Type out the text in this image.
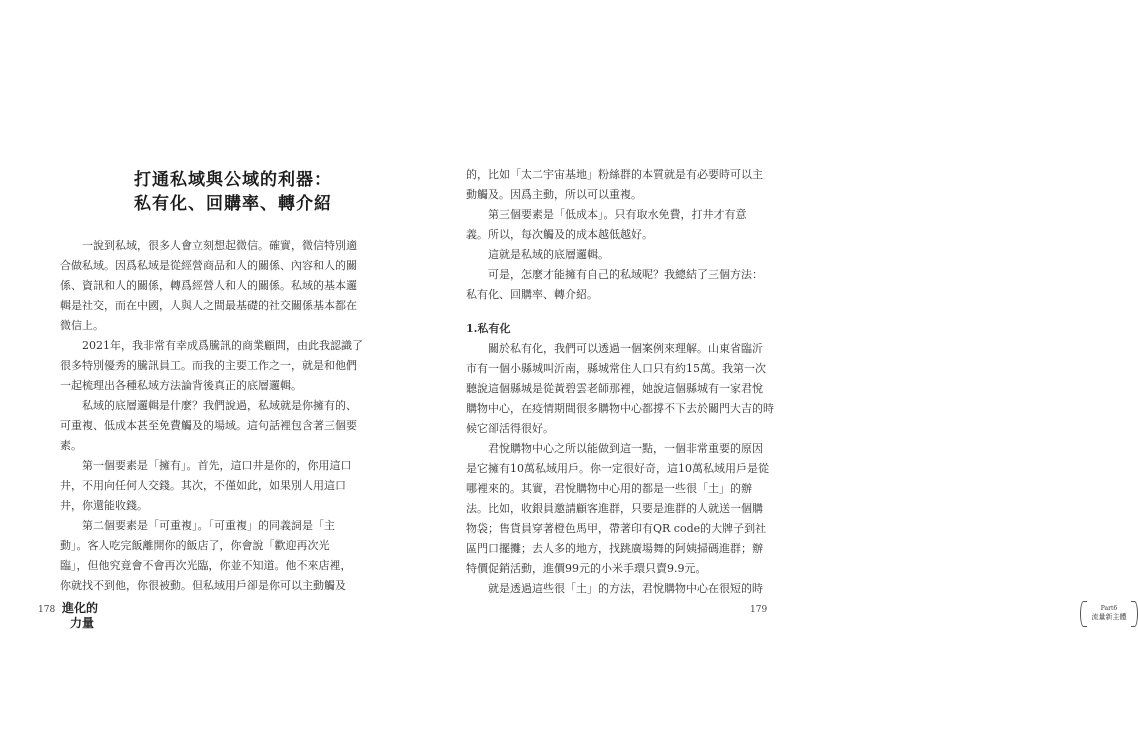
打通私域與公域的利器：
私有化、回購率、轉介紹

一說到私域，很多人會立刻想起微信。確實，微信特別適

合做私域。因爲私域是從經營商品和人的關係、內容和人的關

係、資訊和人的關係，轉爲經營人和人的關係。私域的基本邏

輯是社交，而在中國，人與人之間最基礎的社交關係基本都在

微信上。

2021年，我非常有幸成爲騰訊的商業顧問，由此我認識了

很多特別優秀的騰訊員工。而我的主要工作之一，就是和他們

一起梳理出各種私域方法論背後真正的底層邏輯。

私域的底層邏輯是什麼？我們說過，私域就是你擁有的、

可重複、低成本甚至免費觸及的場域。這句話裡包含著三個要

素。

第一個要素是「擁有」。首先，這口井是你的，你用這口

井，不用向任何人交錢。其次，不僅如此，如果別人用這口

井，你還能收錢。

第二個要素是「可重複」。「可重複」的同義詞是「主

動」。客人吃完飯離開你的飯店了，你會說「歡迎再次光

臨」，但他究竟會不會再次光臨，你並不知道。他不來店裡，

你就找不到他，你很被動。但私域用戶卻是你可以主動觸及

178 進化的
力量

的，比如「太二宇宙基地」粉絲群的本質就是有必要時可以主

動觸及。因爲主動，所以可以重複。

第三個要素是「低成本」。只有取水免費，打井才有意

義。所以，每次觸及的成本越低越好。

這就是私域的底層邏輯。

可是，怎麼才能擁有自己的私域呢？我總結了三個方法：

私有化、回購率、轉介紹。

1.私有化

關於私有化，我們可以透過一個案例來理解。山東省臨沂

市有一個小縣城叫沂南，縣城常住人口只有約15萬。我第一次

聽說這個縣城是從黃碧雲老師那裡，她說這個縣城有一家君悅

購物中心，在疫情期間很多購物中心都撐不下去於關門大吉的時

候它卻活得很好。

君悅購物中心之所以能做到這一點，一個非常重要的原因

是它擁有10萬私域用戶。你一定很好奇，這10萬私域用戶是從

哪裡來的。其實，君悅購物中心用的都是一些很「土」的辦

法。比如，收銀員邀請顧客進群，只要是進群的人就送一個購

物袋；售貨員穿著橙色馬甲，帶著印有QR code的大牌子到社

區門口擺攤；去人多的地方，找跳廣場舞的阿姨掃碼進群；辦

特價促銷活動，進價99元的小米手環只賣9.9元。

就是透過這些很「土」的方法，君悅購物中心在很短的時

Part6
流量新主體
179
